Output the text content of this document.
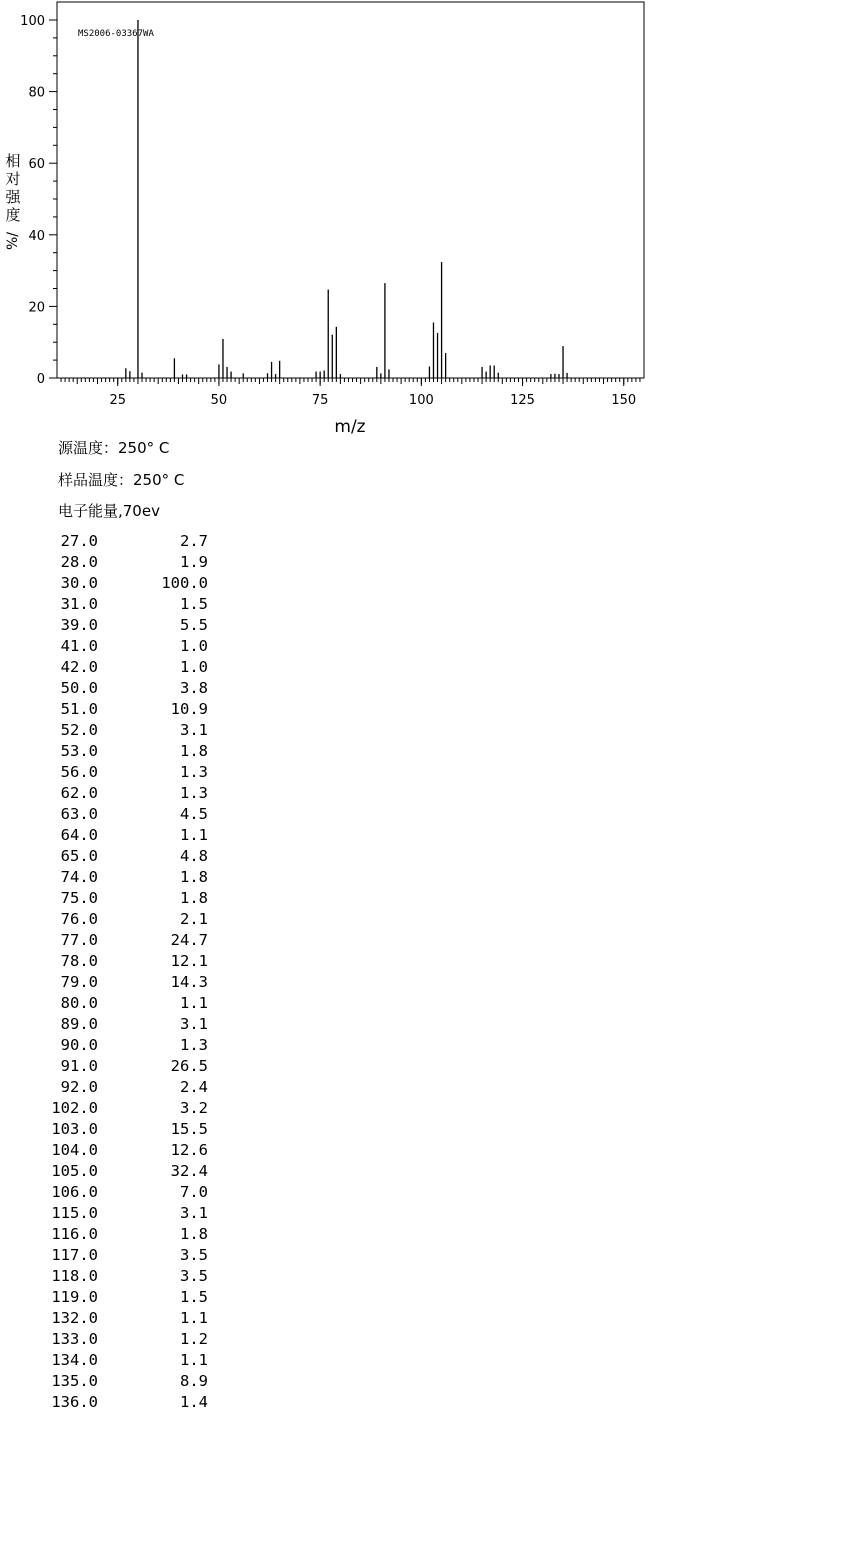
MS2006-03367WA
m/z
25	50	75	100	125	150
0
20
40
60
80
100
相
对
强
度
%/
源温度：250° C
样品温度：250° C
电子能量,70ev
27.0	2.7
28.0	1.9
30.0	100.0
31.0	1.5
39.0	5.5
41.0	1.0
42.0	1.0
50.0	3.8
51.0	10.9
52.0	3.1
53.0	1.8
56.0	1.3
62.0	1.3
63.0	4.5
64.0	1.1
65.0	4.8
74.0	1.8
75.0	1.8
76.0	2.1
77.0	24.7
78.0	12.1
79.0	14.3
80.0	1.1
89.0	3.1
90.0	1.3
91.0	26.5
92.0	2.4
102.0	3.2
103.0	15.5
104.0	12.6
105.0	32.4
106.0	7.0
115.0	3.1
116.0	1.8
117.0	3.5
118.0	3.5
119.0	1.5
132.0	1.1
133.0	1.2
134.0	1.1
135.0	8.9
136.0	1.4
